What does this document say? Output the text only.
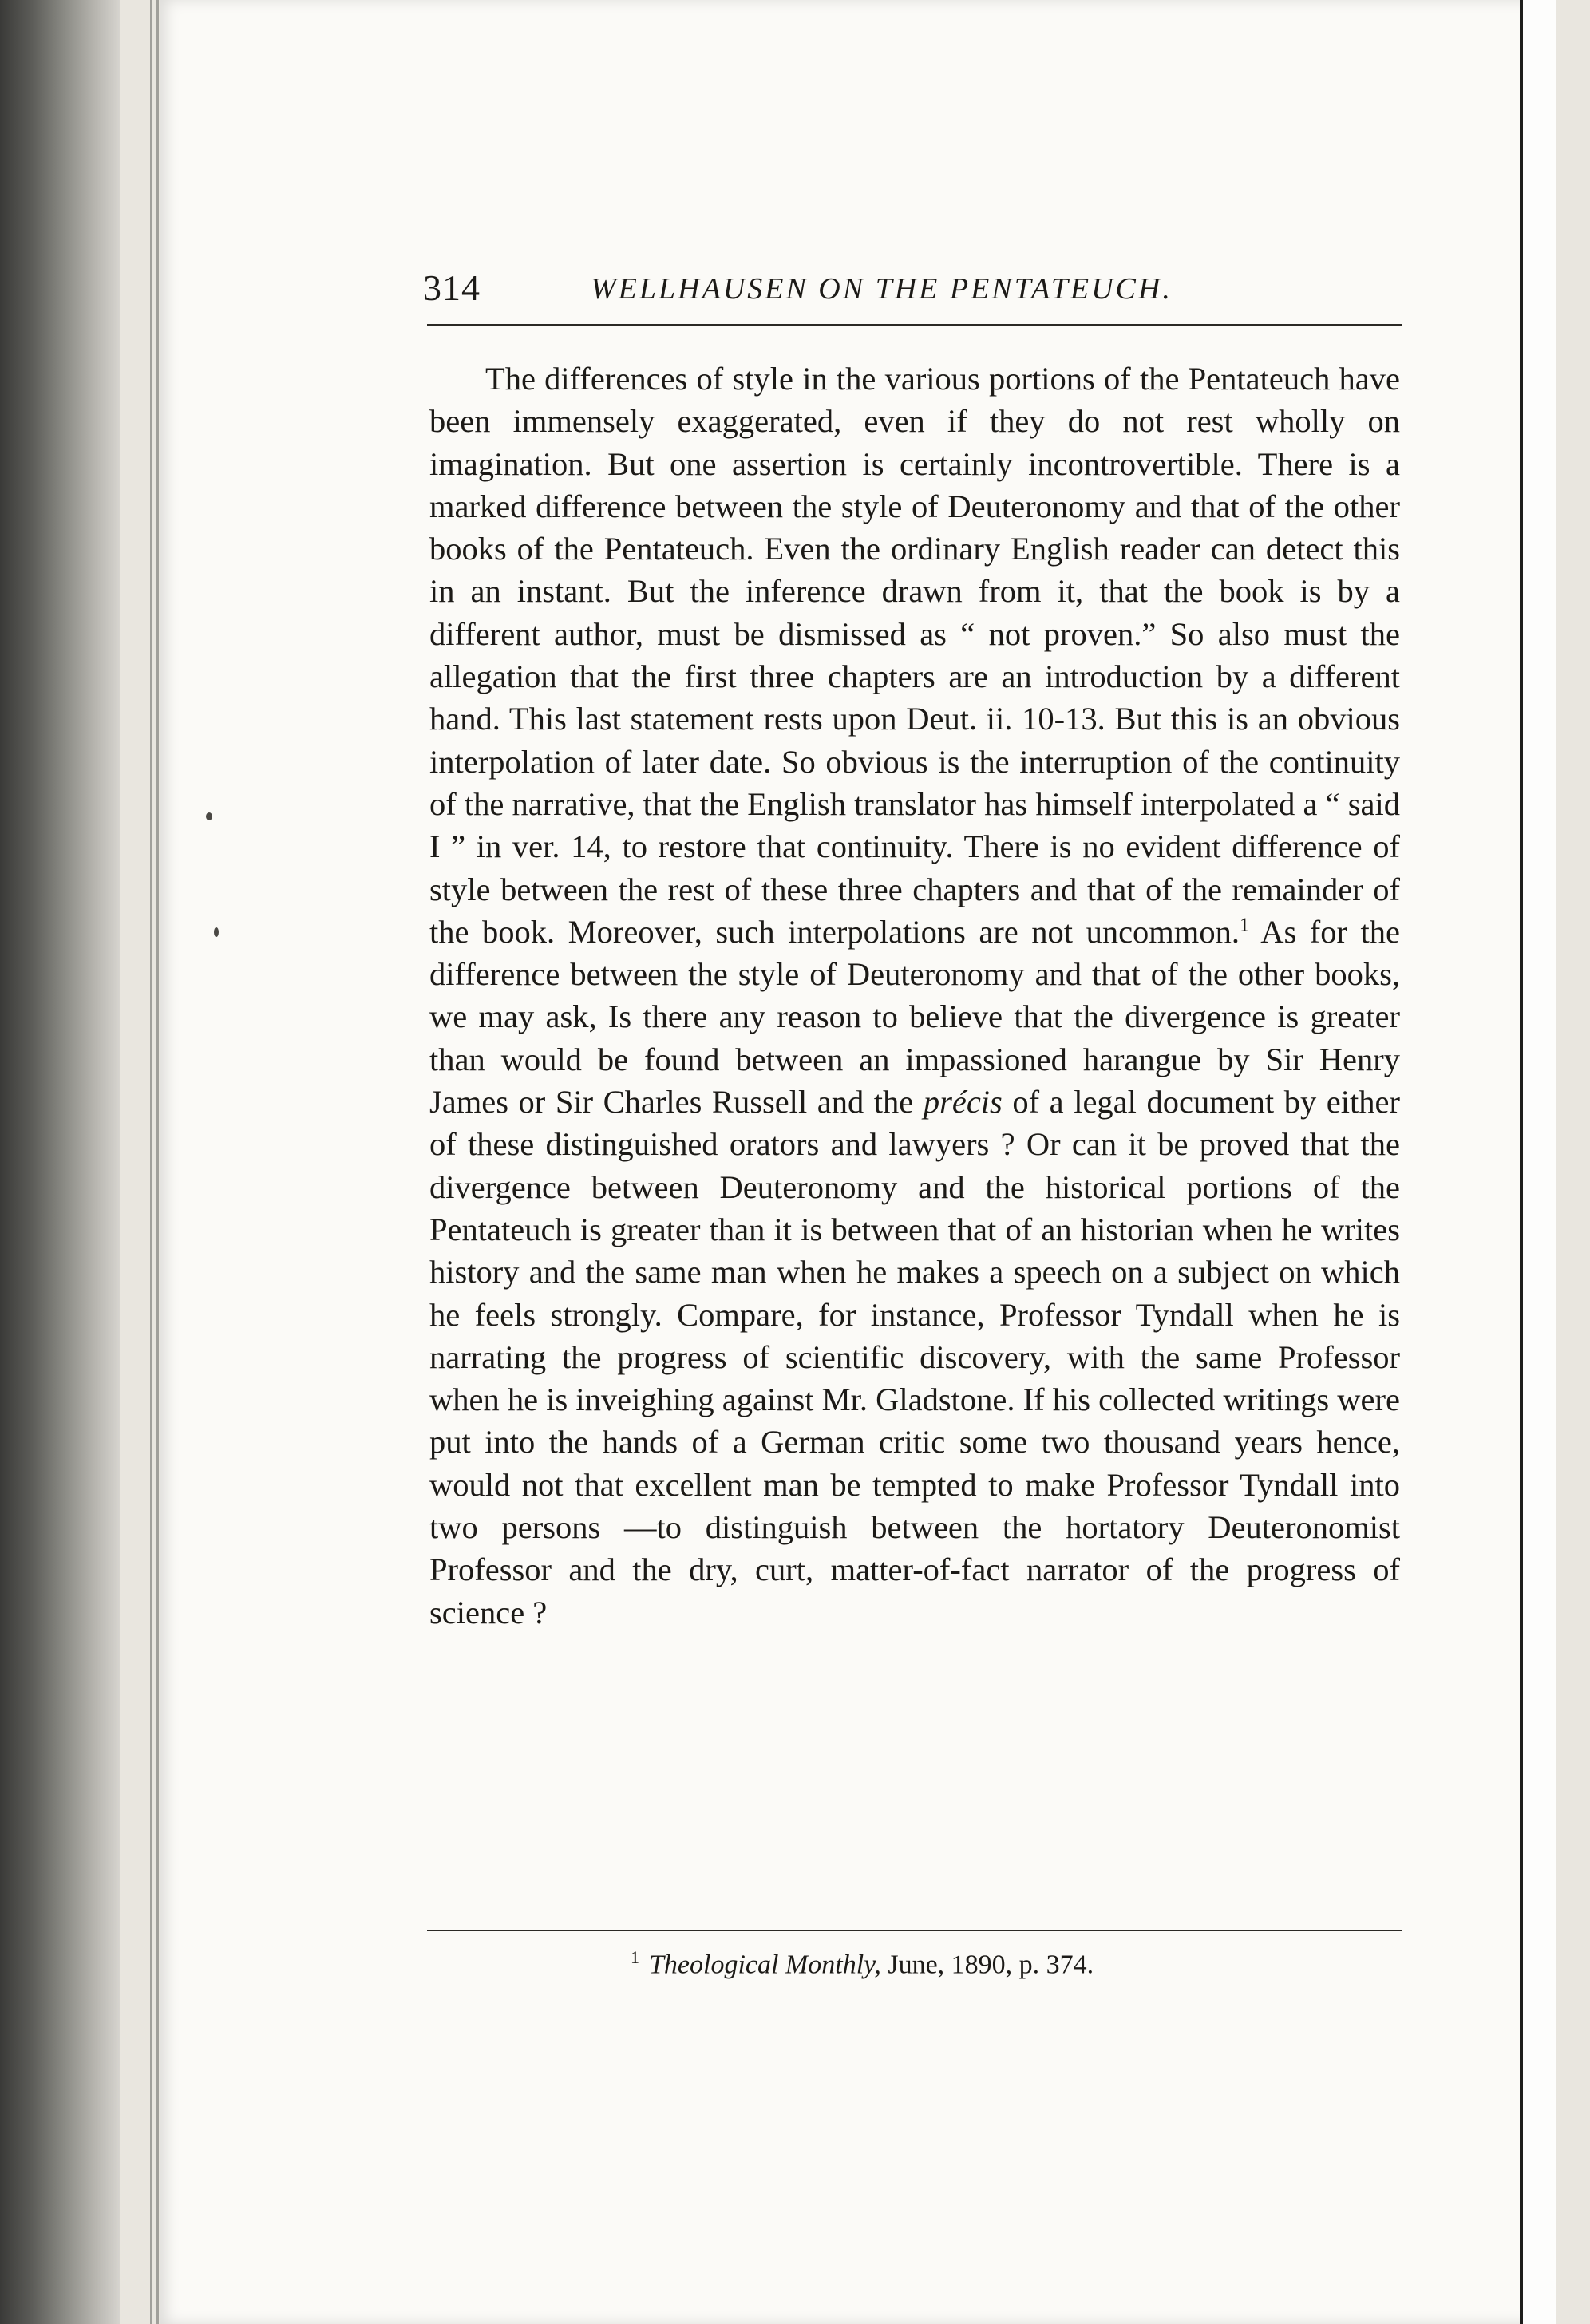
314	WELLHAUSEN ON THE PENTATEUCH.

The differences of style in the various portions of the Pentateuch have been immensely exaggerated, even if they do not rest wholly on imagination. But one assertion is certainly incontrovertible. There is a marked difference between the style of Deuteronomy and that of the other books of the Pentateuch. Even the ordinary English reader can detect this in an instant. But the inference drawn from it, that the book is by a different author, must be dismissed as “ not proven.” So also must the allegation that the first three chapters are an introduction by a different hand. This last statement rests upon Deut. ii. 10-13. But this is an obvious interpolation of later date. So obvious is the interruption of the continuity of the narrative, that the English translator has himself interpolated a “ said I ” in ver. 14, to restore that continuity. There is no evident difference of style between the rest of these three chapters and that of the remainder of the book. Moreover, such interpolations are not uncommon.$^1$ As for the difference between the style of Deuteronomy and that of the other books, we may ask, Is there any reason to believe that the divergence is greater than would be found between an impassioned harangue by Sir Henry James or Sir Charles Russell and the précis of a legal document by either of these distinguished orators and lawyers ? Or can it be proved that the divergence between Deuteronomy and the historical portions of the Pentateuch is greater than it is between that of an historian when he writes history and the same man when he makes a speech on a subject on which he feels strongly. Compare, for instance, Professor Tyndall when he is narrating the progress of scientific discovery, with the same Professor when he is inveighing against Mr. Gladstone. If his collected writings were put into the hands of a German critic some two thousand years hence, would not that excellent man be tempted to make Professor Tyndall into two persons —to distinguish between the hortatory Deuteronomist Professor and the dry, curt, matter-of-fact narrator of the progress of science ?

$^1$ Theological Monthly, June, 1890, p. 374.
